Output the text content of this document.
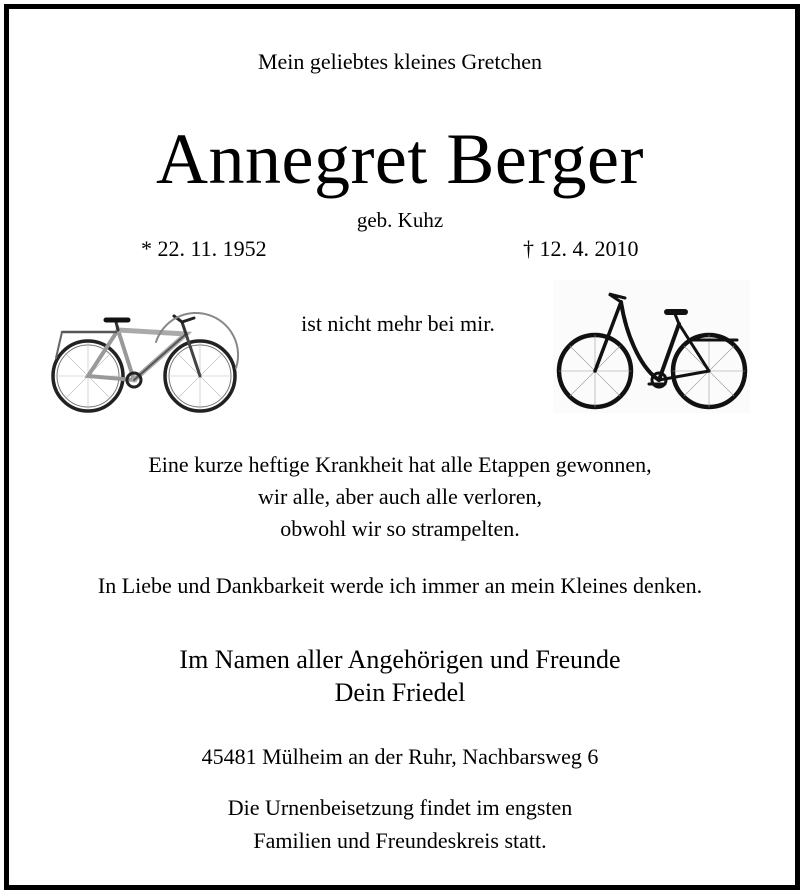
Mein geliebtes kleines Gretchen
Annegret Berger
geb. Kuhz
* 22. 11. 1952	† 12. 4. 2010
ist nicht mehr bei mir.
Eine kurze heftige Krankheit hat alle Etappen gewonnen,
wir alle, aber auch alle verloren,
obwohl wir so strampelten.
In Liebe und Dankbarkeit werde ich immer an mein Kleines denken.
Im Namen aller Angehörigen und Freunde
Dein Friedel
45481 Mülheim an der Ruhr, Nachbarsweg 6
Die Urnenbeisetzung findet im engsten
Familien und Freundeskreis statt.
